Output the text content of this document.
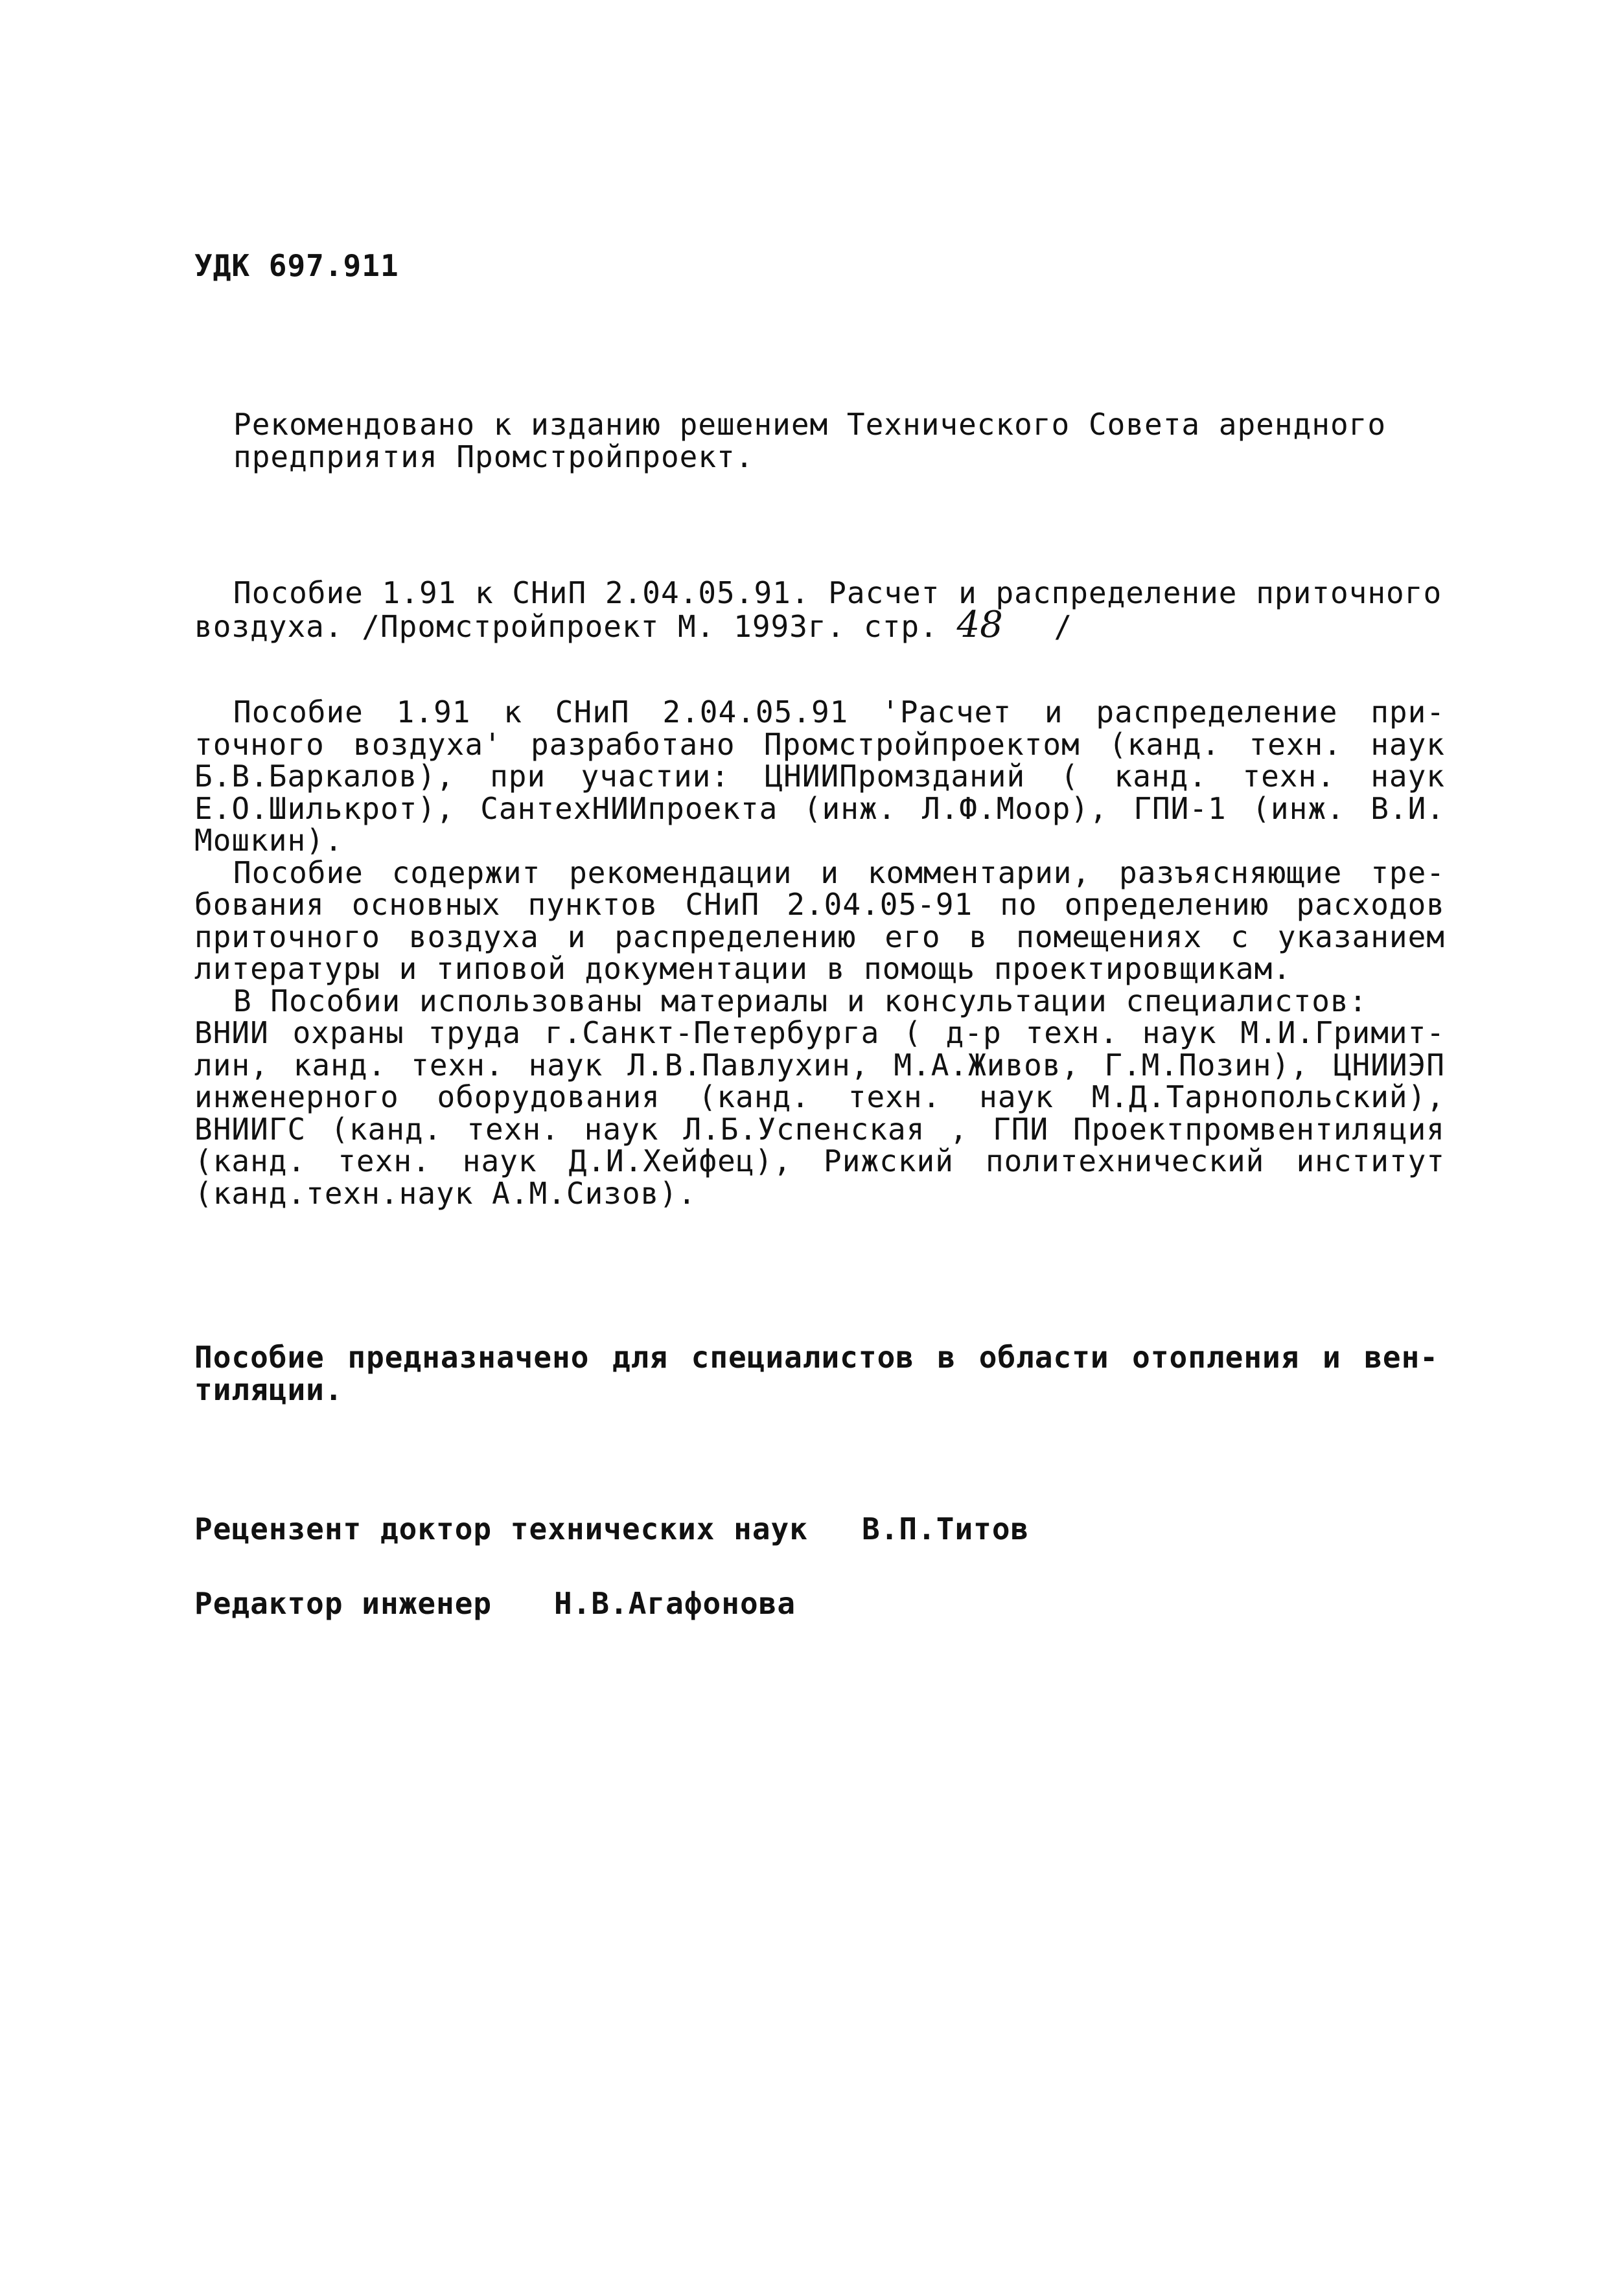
УДК 697.911
Рекомендовано к изданию решением Технического Совета арендного
предприятия Промстройпроект.
Пособие 1.91 к СНиП 2.04.05.91. Расчет и распределение приточного
воздуха. /Промстройпроект М. 1993г. стр. 48 /
Пособие 1.91 к СНиП 2.04.05.91 'Расчет и распределение при-
точного воздуха' разработано Промстройпроектом (канд. техн. наук
Б.В.Баркалов), при участии: ЦНИИПромзданий ( канд. техн. наук
Е.О.Шилькрот), СантехНИИпроекта (инж. Л.Ф.Моор), ГПИ-1 (инж. В.И.
Мошкин).
Пособие содержит рекомендации и комментарии, разъясняющие тре-
бования основных пунктов СНиП 2.04.05-91 по определению расходов
приточного воздуха и распределению его в помещениях с указанием
литературы и типовой документации в помощь проектировщикам.
В Пособии использованы материалы и консультации специалистов:
ВНИИ охраны труда г.Санкт-Петербурга ( д-р техн. наук М.И.Гримит-
лин, канд. техн. наук Л.В.Павлухин, М.А.Живов, Г.М.Позин), ЦНИИЭП
инженерного оборудования (канд. техн. наук М.Д.Тарнопольский),
ВНИИГС (канд. техн. наук Л.Б.Успенская , ГПИ Проектпромвентиляция
(канд. техн. наук Д.И.Хейфец), Рижский политехнический институт
(канд.техн.наук А.М.Сизов).
Пособие предназначено для специалистов в области отопления и вен-
тиляции.
Рецензент доктор технических наук В.П.Титов
Редактор инженер Н.В.Агафонова
